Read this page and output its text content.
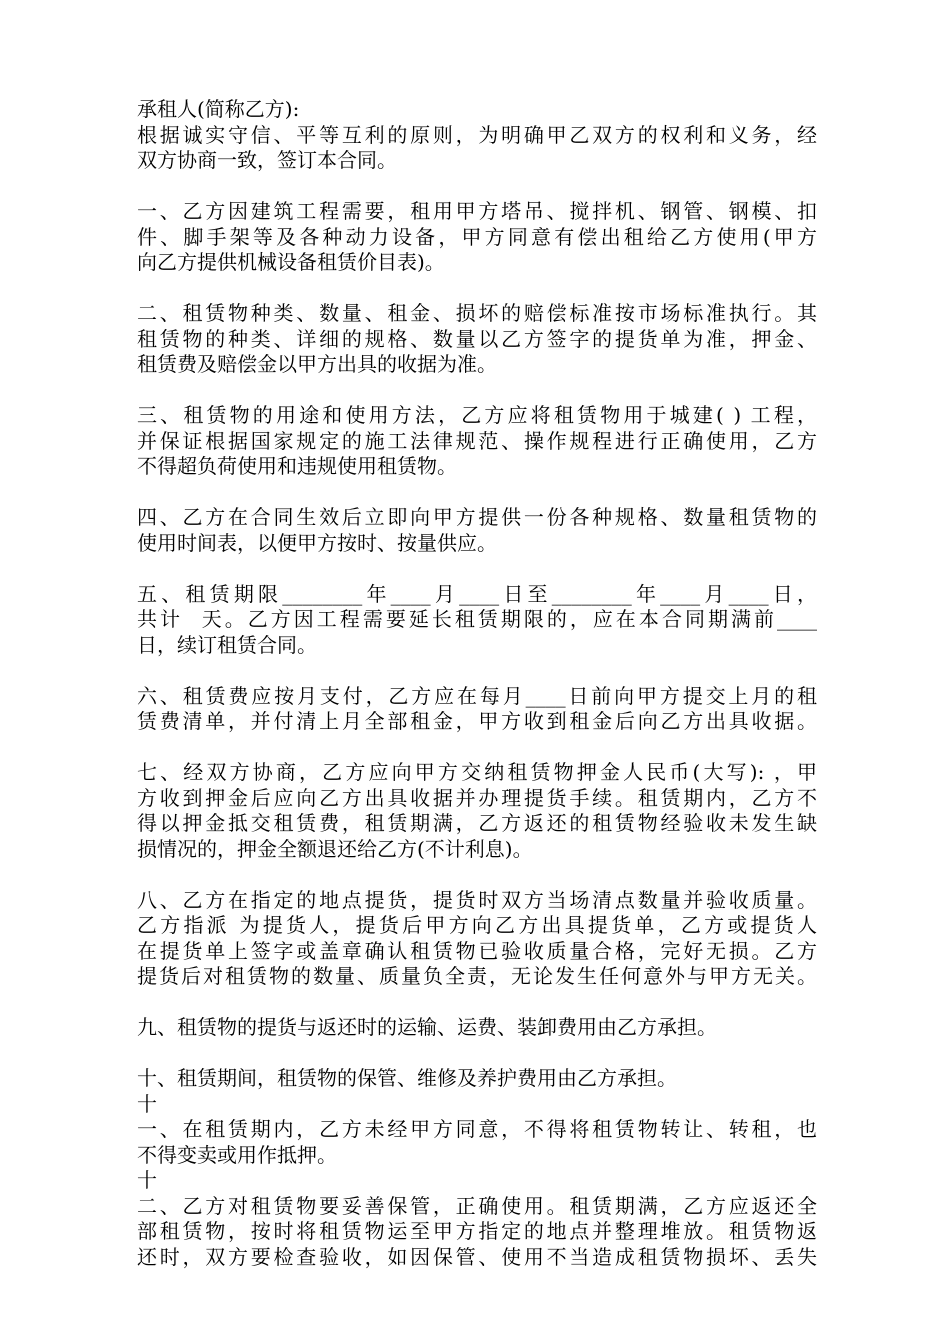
承租人(简称乙方):
根据诚实守信、平等互利的原则，为明确甲乙双方的权利和义务，经
双方协商一致，签订本合同。
一、乙方因建筑工程需要，租用甲方塔吊、搅拌机、钢管、钢模、扣
件、脚手架等及各种动力设备，甲方同意有偿出租给乙方使用(甲方
向乙方提供机械设备租赁价目表)。
二、租赁物种类、数量、租金、损坏的赔偿标准按市场标准执行。其
租赁物的种类、详细的规格、数量以乙方签字的提货单为准，押金、
租赁费及赔偿金以甲方出具的收据为准。
三、租赁物的用途和使用方法，乙方应将租赁物用于城建( ) 工程，
并保证根据国家规定的施工法律规范、操作规程进行正确使用，乙方
不得超负荷使用和违规使用租赁物。
四、乙方在合同生效后立即向甲方提供一份各种规格、数量租赁物的
使用时间表，以便甲方按时、按量供应。
五、租赁期限________年____月____日至________年____月____日，
共计  天。乙方因工程需要延长租赁期限的，应在本合同期满前____
日，续订租赁合同。
六、租赁费应按月支付，乙方应在每月____日前向甲方提交上月的租
赁费清单，并付清上月全部租金，甲方收到租金后向乙方出具收据。
七、经双方协商，乙方应向甲方交纳租赁物押金人民币(大写): ，甲
方收到押金后应向乙方出具收据并办理提货手续。租赁期内，乙方不
得以押金抵交租赁费，租赁期满，乙方返还的租赁物经验收未发生缺
损情况的，押金全额退还给乙方(不计利息)。
八、乙方在指定的地点提货，提货时双方当场清点数量并验收质量。
乙方指派 为提货人，提货后甲方向乙方出具提货单，乙方或提货人
在提货单上签字或盖章确认租赁物已验收质量合格，完好无损。乙方
提货后对租赁物的数量、质量负全责，无论发生任何意外与甲方无关。
九、租赁物的提货与返还时的运输、运费、装卸费用由乙方承担。
十、租赁期间，租赁物的保管、维修及养护费用由乙方承担。
十
一、在租赁期内，乙方未经甲方同意，不得将租赁物转让、转租，也
不得变卖或用作抵押。
十
二、乙方对租赁物要妥善保管，正确使用。租赁期满，乙方应返还全
部租赁物，按时将租赁物运至甲方指定的地点并整理堆放。租赁物返
还时，双方要检查验收，如因保管、使用不当造成租赁物损坏、丢失
